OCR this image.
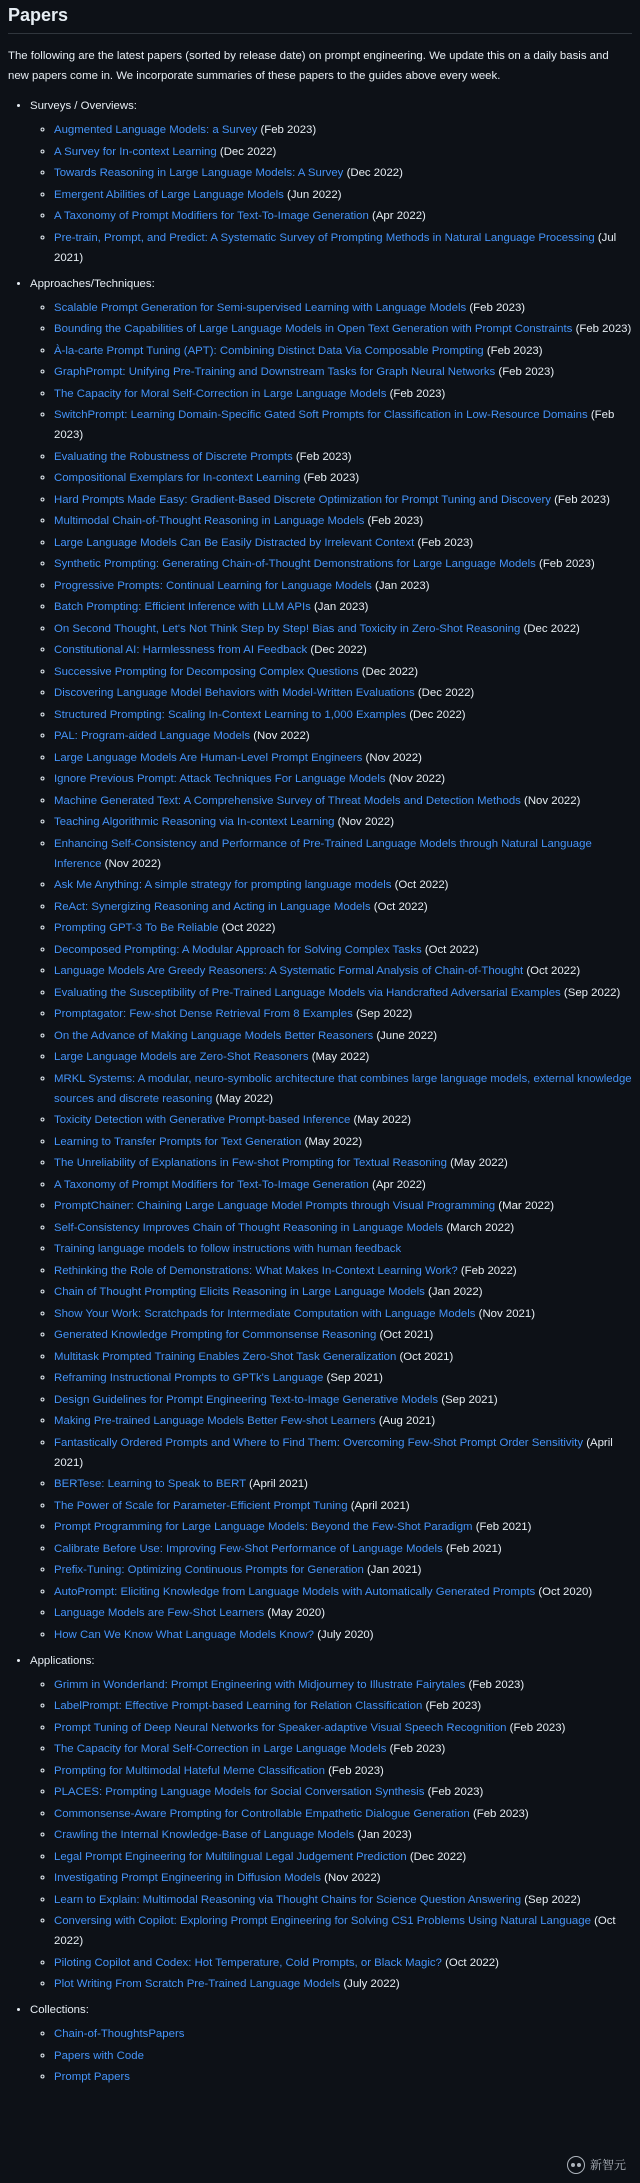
Papers

The following are the latest papers (sorted by release date) on prompt engineering. We update this on a daily basis and new papers come in. We incorporate summaries of these papers to the guides above every week.

• Surveys / Overviews:
◦ Augmented Language Models: a Survey (Feb 2023)
◦ A Survey for In-context Learning (Dec 2022)
◦ Towards Reasoning in Large Language Models: A Survey (Dec 2022)
◦ Emergent Abilities of Large Language Models (Jun 2022)
◦ A Taxonomy of Prompt Modifiers for Text-To-Image Generation (Apr 2022)
◦ Pre-train, Prompt, and Predict: A Systematic Survey of Prompting Methods in Natural Language Processing (Jul 2021)
• Approaches/Techniques:
◦ Scalable Prompt Generation for Semi-supervised Learning with Language Models (Feb 2023)
◦ Bounding the Capabilities of Large Language Models in Open Text Generation with Prompt Constraints (Feb 2023)
◦ À-la-carte Prompt Tuning (APT): Combining Distinct Data Via Composable Prompting (Feb 2023)
◦ GraphPrompt: Unifying Pre-Training and Downstream Tasks for Graph Neural Networks (Feb 2023)
◦ The Capacity for Moral Self-Correction in Large Language Models (Feb 2023)
◦ SwitchPrompt: Learning Domain-Specific Gated Soft Prompts for Classification in Low-Resource Domains (Feb 2023)
◦ Evaluating the Robustness of Discrete Prompts (Feb 2023)
◦ Compositional Exemplars for In-context Learning (Feb 2023)
◦ Hard Prompts Made Easy: Gradient-Based Discrete Optimization for Prompt Tuning and Discovery (Feb 2023)
◦ Multimodal Chain-of-Thought Reasoning in Language Models (Feb 2023)
◦ Large Language Models Can Be Easily Distracted by Irrelevant Context (Feb 2023)
◦ Synthetic Prompting: Generating Chain-of-Thought Demonstrations for Large Language Models (Feb 2023)
◦ Progressive Prompts: Continual Learning for Language Models (Jan 2023)
◦ Batch Prompting: Efficient Inference with LLM APIs (Jan 2023)
◦ On Second Thought, Let's Not Think Step by Step! Bias and Toxicity in Zero-Shot Reasoning (Dec 2022)
◦ Constitutional AI: Harmlessness from AI Feedback (Dec 2022)
◦ Successive Prompting for Decomposing Complex Questions (Dec 2022)
◦ Discovering Language Model Behaviors with Model-Written Evaluations (Dec 2022)
◦ Structured Prompting: Scaling In-Context Learning to 1,000 Examples (Dec 2022)
◦ PAL: Program-aided Language Models (Nov 2022)
◦ Large Language Models Are Human-Level Prompt Engineers (Nov 2022)
◦ Ignore Previous Prompt: Attack Techniques For Language Models (Nov 2022)
◦ Machine Generated Text: A Comprehensive Survey of Threat Models and Detection Methods (Nov 2022)
◦ Teaching Algorithmic Reasoning via In-context Learning (Nov 2022)
◦ Enhancing Self-Consistency and Performance of Pre-Trained Language Models through Natural Language Inference (Nov 2022)
◦ Ask Me Anything: A simple strategy for prompting language models (Oct 2022)
◦ ReAct: Synergizing Reasoning and Acting in Language Models (Oct 2022)
◦ Prompting GPT-3 To Be Reliable (Oct 2022)
◦ Decomposed Prompting: A Modular Approach for Solving Complex Tasks (Oct 2022)
◦ Language Models Are Greedy Reasoners: A Systematic Formal Analysis of Chain-of-Thought (Oct 2022)
◦ Evaluating the Susceptibility of Pre-Trained Language Models via Handcrafted Adversarial Examples (Sep 2022)
◦ Promptagator: Few-shot Dense Retrieval From 8 Examples (Sep 2022)
◦ On the Advance of Making Language Models Better Reasoners (June 2022)
◦ Large Language Models are Zero-Shot Reasoners (May 2022)
◦ MRKL Systems: A modular, neuro-symbolic architecture that combines large language models, external knowledge sources and discrete reasoning (May 2022)
◦ Toxicity Detection with Generative Prompt-based Inference (May 2022)
◦ Learning to Transfer Prompts for Text Generation (May 2022)
◦ The Unreliability of Explanations in Few-shot Prompting for Textual Reasoning (May 2022)
◦ A Taxonomy of Prompt Modifiers for Text-To-Image Generation (Apr 2022)
◦ PromptChainer: Chaining Large Language Model Prompts through Visual Programming (Mar 2022)
◦ Self-Consistency Improves Chain of Thought Reasoning in Language Models (March 2022)
◦ Training language models to follow instructions with human feedback
◦ Rethinking the Role of Demonstrations: What Makes In-Context Learning Work? (Feb 2022)
◦ Chain of Thought Prompting Elicits Reasoning in Large Language Models (Jan 2022)
◦ Show Your Work: Scratchpads for Intermediate Computation with Language Models (Nov 2021)
◦ Generated Knowledge Prompting for Commonsense Reasoning (Oct 2021)
◦ Multitask Prompted Training Enables Zero-Shot Task Generalization (Oct 2021)
◦ Reframing Instructional Prompts to GPTk's Language (Sep 2021)
◦ Design Guidelines for Prompt Engineering Text-to-Image Generative Models (Sep 2021)
◦ Making Pre-trained Language Models Better Few-shot Learners (Aug 2021)
◦ Fantastically Ordered Prompts and Where to Find Them: Overcoming Few-Shot Prompt Order Sensitivity (April 2021)
◦ BERTese: Learning to Speak to BERT (April 2021)
◦ The Power of Scale for Parameter-Efficient Prompt Tuning (April 2021)
◦ Prompt Programming for Large Language Models: Beyond the Few-Shot Paradigm (Feb 2021)
◦ Calibrate Before Use: Improving Few-Shot Performance of Language Models (Feb 2021)
◦ Prefix-Tuning: Optimizing Continuous Prompts for Generation (Jan 2021)
◦ AutoPrompt: Eliciting Knowledge from Language Models with Automatically Generated Prompts (Oct 2020)
◦ Language Models are Few-Shot Learners (May 2020)
◦ How Can We Know What Language Models Know? (July 2020)
• Applications:
◦ Grimm in Wonderland: Prompt Engineering with Midjourney to Illustrate Fairytales (Feb 2023)
◦ LabelPrompt: Effective Prompt-based Learning for Relation Classification (Feb 2023)
◦ Prompt Tuning of Deep Neural Networks for Speaker-adaptive Visual Speech Recognition (Feb 2023)
◦ The Capacity for Moral Self-Correction in Large Language Models (Feb 2023)
◦ Prompting for Multimodal Hateful Meme Classification (Feb 2023)
◦ PLACES: Prompting Language Models for Social Conversation Synthesis (Feb 2023)
◦ Commonsense-Aware Prompting for Controllable Empathetic Dialogue Generation (Feb 2023)
◦ Crawling the Internal Knowledge-Base of Language Models (Jan 2023)
◦ Legal Prompt Engineering for Multilingual Legal Judgement Prediction (Dec 2022)
◦ Investigating Prompt Engineering in Diffusion Models (Nov 2022)
◦ Learn to Explain: Multimodal Reasoning via Thought Chains for Science Question Answering (Sep 2022)
◦ Conversing with Copilot: Exploring Prompt Engineering for Solving CS1 Problems Using Natural Language (Oct 2022)
◦ Piloting Copilot and Codex: Hot Temperature, Cold Prompts, or Black Magic? (Oct 2022)
◦ Plot Writing From Scratch Pre-Trained Language Models (July 2022)
• Collections:
◦ Chain-of-ThoughtsPapers
◦ Papers with Code
◦ Prompt Papers
新智元
